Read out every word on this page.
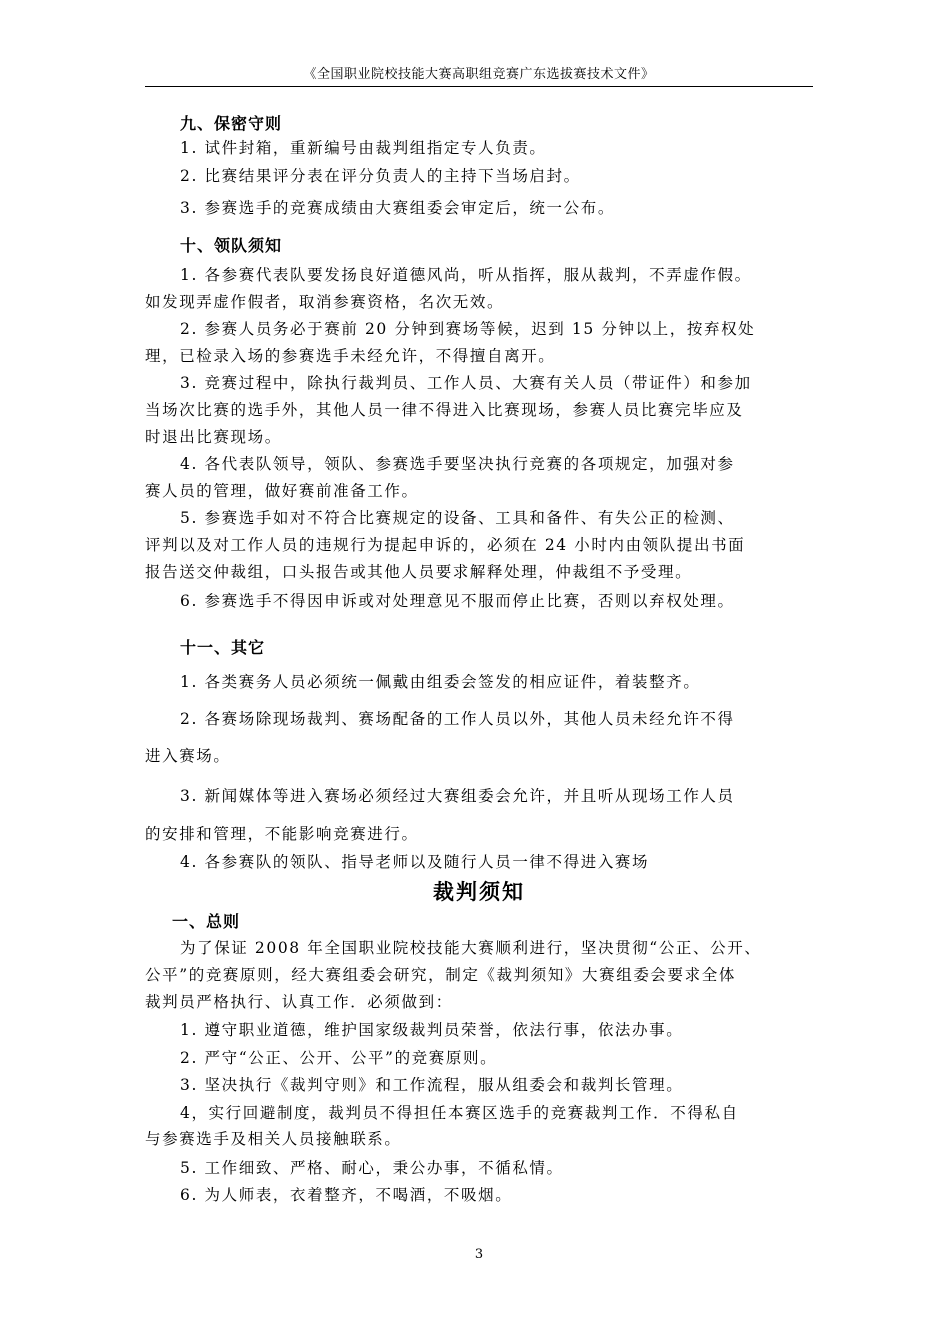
《全国职业院校技能大赛高职组竞赛广东选拔赛技术文件》
九、保密守则
1. 试件封箱，重新编号由裁判组指定专人负责。
2. 比赛结果评分表在评分负责人的主持下当场启封。
3. 参赛选手的竞赛成绩由大赛组委会审定后，统一公布。
十、领队须知
1. 各参赛代表队要发扬良好道德风尚，听从指挥，服从裁判，不弄虚作假。
如发现弄虚作假者，取消参赛资格，名次无效。
2. 参赛人员务必于赛前 20 分钟到赛场等候，迟到 15 分钟以上，按弃权处
理，已检录入场的参赛选手未经允许，不得擅自离开。
3. 竞赛过程中，除执行裁判员、工作人员、大赛有关人员（带证件）和参加
当场次比赛的选手外，其他人员一律不得进入比赛现场，参赛人员比赛完毕应及
时退出比赛现场。
4. 各代表队领导，领队、参赛选手要坚决执行竞赛的各项规定，加强对参
赛人员的管理，做好赛前准备工作。
5. 参赛选手如对不符合比赛规定的设备、工具和备件、有失公正的检测、
评判以及对工作人员的违规行为提起申诉的，必须在 24 小时内由领队提出书面
报告送交仲裁组，口头报告或其他人员要求解释处理，仲裁组不予受理。
6. 参赛选手不得因申诉或对处理意见不服而停止比赛，否则以弃权处理。
十一、其它
1. 各类赛务人员必须统一佩戴由组委会签发的相应证件，着装整齐。
2. 各赛场除现场裁判、赛场配备的工作人员以外，其他人员未经允许不得
进入赛场。
3. 新闻媒体等进入赛场必须经过大赛组委会允许，并且听从现场工作人员
的安排和管理，不能影响竞赛进行。
4. 各参赛队的领队、指导老师以及随行人员一律不得进入赛场
裁判须知
一、总则
为了保证 2008 年全国职业院校技能大赛顺利进行，坚决贯彻“公正、公开、
公平”的竞赛原则，经大赛组委会研究，制定《裁判须知》大赛组委会要求全体
裁判员严格执行、认真工作．必须做到：
1. 遵守职业道德，维护国家级裁判员荣誉，依法行事，依法办事。
2. 严守“公正、公开、公平”的竞赛原则。
3. 坚决执行《裁判守则》和工作流程，服从组委会和裁判长管理。
4，实行回避制度，裁判员不得担任本赛区选手的竞赛裁判工作．不得私自
与参赛选手及相关人员接触联系。
5. 工作细致、严格、耐心，秉公办事，不循私情。
6. 为人师表，衣着整齐，不喝酒，不吸烟。
3
